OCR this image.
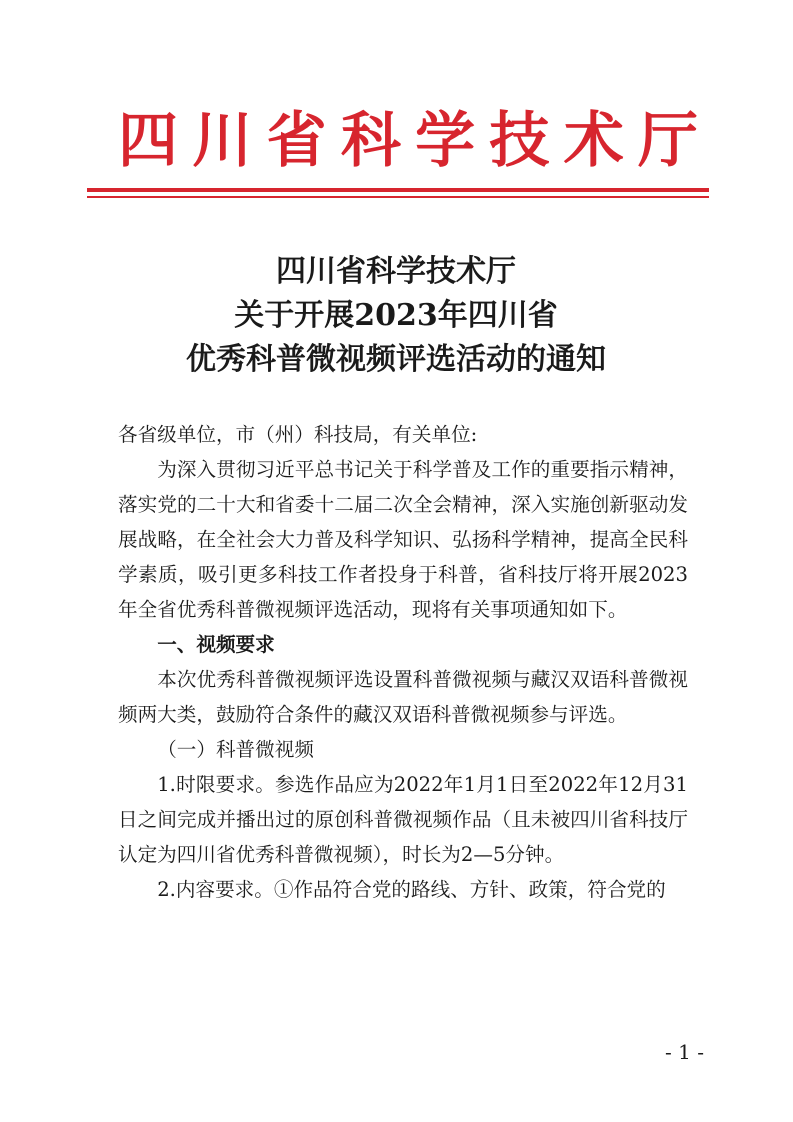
四 川 省 科 学 技 术 厅
四川省科学技术厅
关于开展2023年四川省
优秀科普微视频评选活动的通知

各省级单位，市（州）科技局，有关单位:

为深入贯彻习近平总书记关于科学普及工作的重要指示精神，落实党的二十大和省委十二届二次全会精神，深入实施创新驱动发展战略，在全社会大力普及科学知识、弘扬科学精神，提高全民科学素质，吸引更多科技工作者投身于科普，省科技厅将开展2023年全省优秀科普微视频评选活动，现将有关事项通知如下。

一、视频要求

本次优秀科普微视频评选设置科普微视频与藏汉双语科普微视频两大类，鼓励符合条件的藏汉双语科普微视频参与评选。

（一）科普微视频

1.时限要求。参选作品应为2022年1月1日至2022年12月31日之间完成并播出过的原创科普微视频作品（且未被四川省科技厅认定为四川省优秀科普微视频），时长为2—5分钟。

2.内容要求。①作品符合党的路线、方针、政策，符合党的

- 1 -
